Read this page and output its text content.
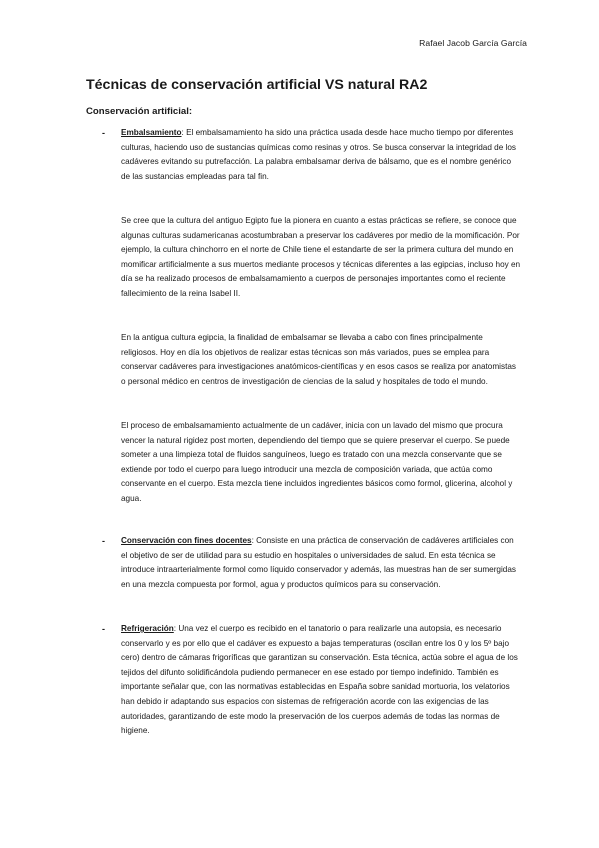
Rafael Jacob García García
Técnicas de conservación artificial VS natural RA2
Conservación artificial:
- Embalsamiento: El embalsamamiento ha sido una práctica usada desde hace mucho tiempo por diferentes culturas, haciendo uso de sustancias químicas como resinas y otros. Se busca conservar la integridad de los cadáveres evitando su putrefacción. La palabra embalsamar deriva de bálsamo, que es el nombre genérico de las sustancias empleadas para tal fin.

Se cree que la cultura del antiguo Egipto fue la pionera en cuanto a estas prácticas se refiere, se conoce que algunas culturas sudamericanas acostumbraban a preservar los cadáveres por medio de la momificación. Por ejemplo, la cultura chinchorro en el norte de Chile tiene el estandarte de ser la primera cultura del mundo en momificar artificialmente a sus muertos mediante procesos y técnicas diferentes a las egipcias, incluso hoy en día se ha realizado procesos de embalsamamiento a cuerpos de personajes importantes como el reciente fallecimiento de la reina Isabel II.

En la antigua cultura egipcia, la finalidad de embalsamar se llevaba a cabo con fines principalmente religiosos. Hoy en día los objetivos de realizar estas técnicas son más variados, pues se emplea para conservar cadáveres para investigaciones anatómicos-científicas y en esos casos se realiza por anatomistas o personal médico en centros de investigación de ciencias de la salud y hospitales de todo el mundo.

El proceso de embalsamamiento actualmente de un cadáver, inicia con un lavado del mismo que procura vencer la natural rigidez post morten, dependiendo del tiempo que se quiere preservar el cuerpo. Se puede someter a una limpieza total de fluidos sanguíneos, luego es tratado con una mezcla conservante que se extiende por todo el cuerpo para luego introducir una mezcla de composición variada, que actúa como conservante en el cuerpo. Esta mezcla tiene incluidos ingredientes básicos como formol, glicerina, alcohol y agua.

- Conservación con fines docentes: Consiste en una práctica de conservación de cadáveres artificiales con el objetivo de ser de utilidad para su estudio en hospitales o universidades de salud. En esta técnica se introduce intraarterialmente formol como líquido conservador y además, las muestras han de ser sumergidas en una mezcla compuesta por formol, agua y productos químicos para su conservación.

- Refrigeración: Una vez el cuerpo es recibido en el tanatorio o para realizarle una autopsia, es necesario conservarlo y es por ello que el cadáver es expuesto a bajas temperaturas (oscilan entre los 0 y los 5º bajo cero) dentro de cámaras frigoríficas que garantizan su conservación. Esta técnica, actúa sobre el agua de los tejidos del difunto solidificándola pudiendo permanecer en ese estado por tiempo indefinido. También es importante señalar que, con las normativas establecidas en España sobre sanidad mortuoria, los velatorios han debido ir adaptando sus espacios con sistemas de refrigeración acorde con las exigencias de las autoridades, garantizando de este modo la preservación de los cuerpos además de todas las normas de higiene.
